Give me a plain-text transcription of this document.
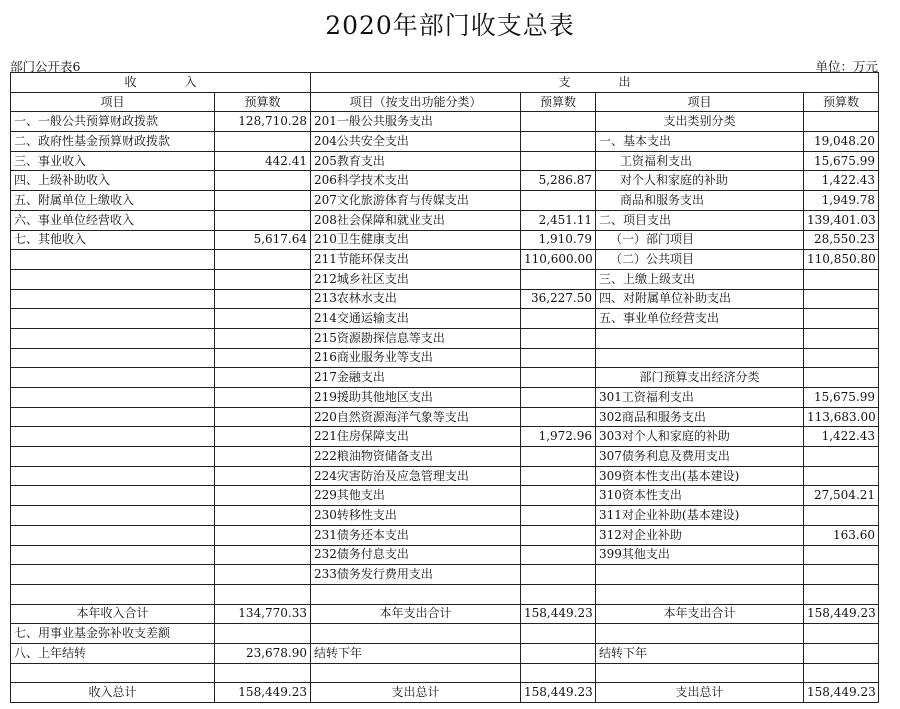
2020年部门收支总表
部门公开表6	单位：万元
收　　　　入		支　　　　出			
项目	预算数	项目（按支出功能分类）	预算数	项目	预算数
一、一般公共预算财政拨款	128,710.28	201一般公共服务支出		支出类别分类	
二、政府性基金预算财政拨款		204公共安全支出		一、基本支出	19,048.20
三、事业收入	442.41	205教育支出		工资福利支出	15,675.99
四、上级补助收入		206科学技术支出	5,286.87	对个人和家庭的补助	1,422.43
五、附属单位上缴收入		207文化旅游体育与传媒支出		商品和服务支出	1,949.78
六、事业单位经营收入		208社会保障和就业支出	2,451.11	二、项目支出	139,401.03
七、其他收入	5,617.64	210卫生健康支出	1,910.79	（一）部门项目	28,550.23
		211节能环保支出	110,600.00	（二）公共项目	110,850.80
		212城乡社区支出		三、上缴上级支出	
		213农林水支出	36,227.50	四、对附属单位补助支出	
		214交通运输支出		五、事业单位经营支出	
		215资源勘探信息等支出			
		216商业服务业等支出			
		217金融支出		部门预算支出经济分类	
		219援助其他地区支出		301工资福利支出	15,675.99
		220自然资源海洋气象等支出		302商品和服务支出	113,683.00
		221住房保障支出	1,972.96	303对个人和家庭的补助	1,422.43
		222粮油物资储备支出		307债务利息及费用支出	
		224灾害防治及应急管理支出		309资本性支出(基本建设)	
		229其他支出		310资本性支出	27,504.21
		230转移性支出		311对企业补助(基本建设)	
		231债务还本支出		312对企业补助	163.60
		232债务付息支出		399其他支出	
		233债务发行费用支出			

本年收入合计	134,770.33	本年支出合计	158,449.23	本年支出合计	158,449.23
七、用事业基金弥补收支差额					
八、上年结转	23,678.90	结转下年		结转下年	

收入总计	158,449.23	支出总计	158,449.23	支出总计	158,449.23
